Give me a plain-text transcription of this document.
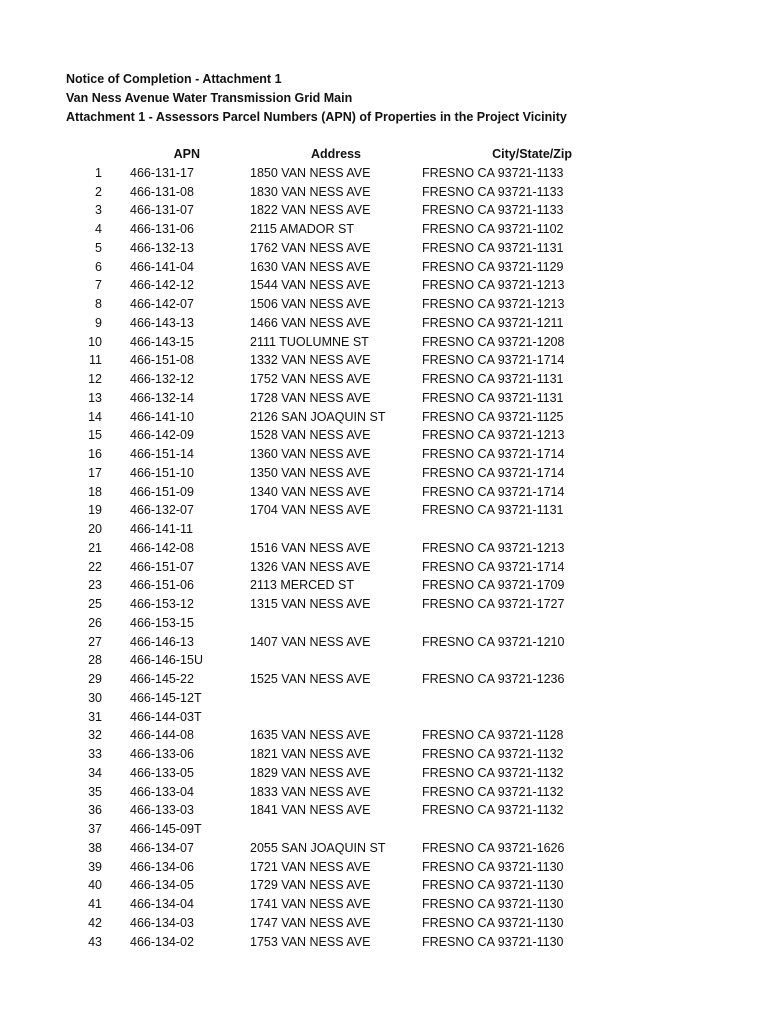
Notice of Completion - Attachment 1
Van Ness Avenue Water Transmission Grid Main
Attachment 1 - Assessors Parcel Numbers (APN) of Properties in the Project Vicinity
	APN	Address	City/State/Zip
1	466-131-17	1850 VAN NESS AVE	FRESNO CA 93721-1133
2	466-131-08	1830 VAN NESS AVE	FRESNO CA 93721-1133
3	466-131-07	1822 VAN NESS AVE	FRESNO CA 93721-1133
4	466-131-06	2115 AMADOR ST	FRESNO CA 93721-1102
5	466-132-13	1762 VAN NESS AVE	FRESNO CA 93721-1131
6	466-141-04	1630 VAN NESS AVE	FRESNO CA 93721-1129
7	466-142-12	1544 VAN NESS AVE	FRESNO CA 93721-1213
8	466-142-07	1506 VAN NESS AVE	FRESNO CA 93721-1213
9	466-143-13	1466 VAN NESS AVE	FRESNO CA 93721-1211
10	466-143-15	2111 TUOLUMNE ST	FRESNO CA 93721-1208
11	466-151-08	1332 VAN NESS AVE	FRESNO CA 93721-1714
12	466-132-12	1752 VAN NESS AVE	FRESNO CA 93721-1131
13	466-132-14	1728 VAN NESS AVE	FRESNO CA 93721-1131
14	466-141-10	2126 SAN JOAQUIN ST	FRESNO CA 93721-1125
15	466-142-09	1528 VAN NESS AVE	FRESNO CA 93721-1213
16	466-151-14	1360 VAN NESS AVE	FRESNO CA 93721-1714
17	466-151-10	1350 VAN NESS AVE	FRESNO CA 93721-1714
18	466-151-09	1340 VAN NESS AVE	FRESNO CA 93721-1714
19	466-132-07	1704 VAN NESS AVE	FRESNO CA 93721-1131
20	466-141-11		
21	466-142-08	1516 VAN NESS AVE	FRESNO CA 93721-1213
22	466-151-07	1326 VAN NESS AVE	FRESNO CA 93721-1714
23	466-151-06	2113 MERCED ST	FRESNO CA 93721-1709
25	466-153-12	1315 VAN NESS AVE	FRESNO CA 93721-1727
26	466-153-15		
27	466-146-13	1407 VAN NESS AVE	FRESNO CA 93721-1210
28	466-146-15U		
29	466-145-22	1525 VAN NESS AVE	FRESNO CA 93721-1236
30	466-145-12T		
31	466-144-03T		
32	466-144-08	1635 VAN NESS AVE	FRESNO CA 93721-1128
33	466-133-06	1821 VAN NESS AVE	FRESNO CA 93721-1132
34	466-133-05	1829 VAN NESS AVE	FRESNO CA 93721-1132
35	466-133-04	1833 VAN NESS AVE	FRESNO CA 93721-1132
36	466-133-03	1841 VAN NESS AVE	FRESNO CA 93721-1132
37	466-145-09T		
38	466-134-07	2055 SAN JOAQUIN ST	FRESNO CA 93721-1626
39	466-134-06	1721 VAN NESS AVE	FRESNO CA 93721-1130
40	466-134-05	1729 VAN NESS AVE	FRESNO CA 93721-1130
41	466-134-04	1741 VAN NESS AVE	FRESNO CA 93721-1130
42	466-134-03	1747 VAN NESS AVE	FRESNO CA 93721-1130
43	466-134-02	1753 VAN NESS AVE	FRESNO CA 93721-1130
